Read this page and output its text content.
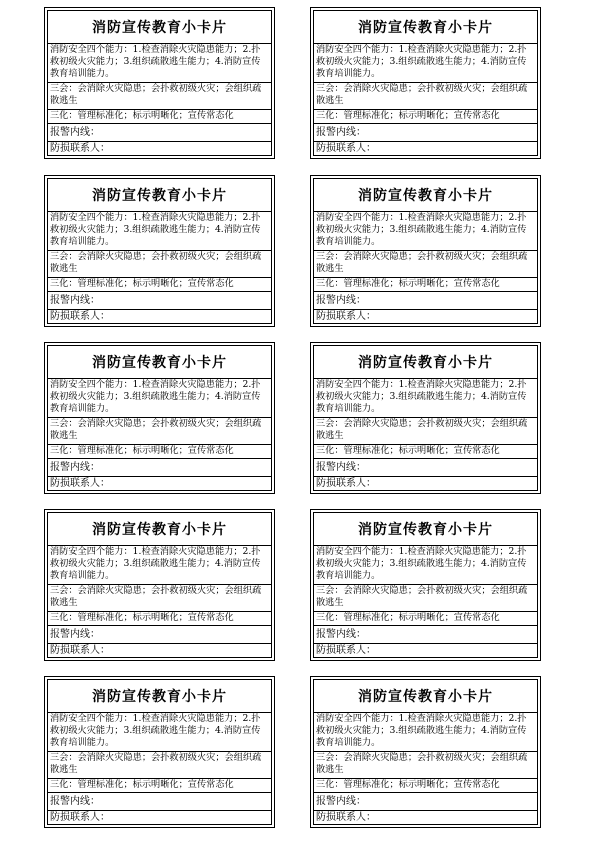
消防宣传教育小卡片
消防安全四个能力：1.检查消除火灾隐患能力；2.扑救初级火灾能力；3.组织疏散逃生能力；4.消防宣传教育培训能力。
三会：会消除火灾隐患；会扑救初级火灾；会组织疏散逃生
三化：管理标准化；标示明晰化；宣传常态化
报警内线：
防损联系人：
消防宣传教育小卡片
消防安全四个能力：1.检查消除火灾隐患能力；2.扑救初级火灾能力；3.组织疏散逃生能力；4.消防宣传教育培训能力。
三会：会消除火灾隐患；会扑救初级火灾；会组织疏散逃生
三化：管理标准化；标示明晰化；宣传常态化
报警内线：
防损联系人：
消防宣传教育小卡片
消防安全四个能力：1.检查消除火灾隐患能力；2.扑救初级火灾能力；3.组织疏散逃生能力；4.消防宣传教育培训能力。
三会：会消除火灾隐患；会扑救初级火灾；会组织疏散逃生
三化：管理标准化；标示明晰化；宣传常态化
报警内线：
防损联系人：
消防宣传教育小卡片
消防安全四个能力：1.检查消除火灾隐患能力；2.扑救初级火灾能力；3.组织疏散逃生能力；4.消防宣传教育培训能力。
三会：会消除火灾隐患；会扑救初级火灾；会组织疏散逃生
三化：管理标准化；标示明晰化；宣传常态化
报警内线：
防损联系人：
消防宣传教育小卡片
消防安全四个能力：1.检查消除火灾隐患能力；2.扑救初级火灾能力；3.组织疏散逃生能力；4.消防宣传教育培训能力。
三会：会消除火灾隐患；会扑救初级火灾；会组织疏散逃生
三化：管理标准化；标示明晰化；宣传常态化
报警内线：
防损联系人：
消防宣传教育小卡片
消防安全四个能力：1.检查消除火灾隐患能力；2.扑救初级火灾能力；3.组织疏散逃生能力；4.消防宣传教育培训能力。
三会：会消除火灾隐患；会扑救初级火灾；会组织疏散逃生
三化：管理标准化；标示明晰化；宣传常态化
报警内线：
防损联系人：
消防宣传教育小卡片
消防安全四个能力：1.检查消除火灾隐患能力；2.扑救初级火灾能力；3.组织疏散逃生能力；4.消防宣传教育培训能力。
三会：会消除火灾隐患；会扑救初级火灾；会组织疏散逃生
三化：管理标准化；标示明晰化；宣传常态化
报警内线：
防损联系人：
消防宣传教育小卡片
消防安全四个能力：1.检查消除火灾隐患能力；2.扑救初级火灾能力；3.组织疏散逃生能力；4.消防宣传教育培训能力。
三会：会消除火灾隐患；会扑救初级火灾；会组织疏散逃生
三化：管理标准化；标示明晰化；宣传常态化
报警内线：
防损联系人：
消防宣传教育小卡片
消防安全四个能力：1.检查消除火灾隐患能力；2.扑救初级火灾能力；3.组织疏散逃生能力；4.消防宣传教育培训能力。
三会：会消除火灾隐患；会扑救初级火灾；会组织疏散逃生
三化：管理标准化；标示明晰化；宣传常态化
报警内线：
防损联系人：
消防宣传教育小卡片
消防安全四个能力：1.检查消除火灾隐患能力；2.扑救初级火灾能力；3.组织疏散逃生能力；4.消防宣传教育培训能力。
三会：会消除火灾隐患；会扑救初级火灾；会组织疏散逃生
三化：管理标准化；标示明晰化；宣传常态化
报警内线：
防损联系人：
